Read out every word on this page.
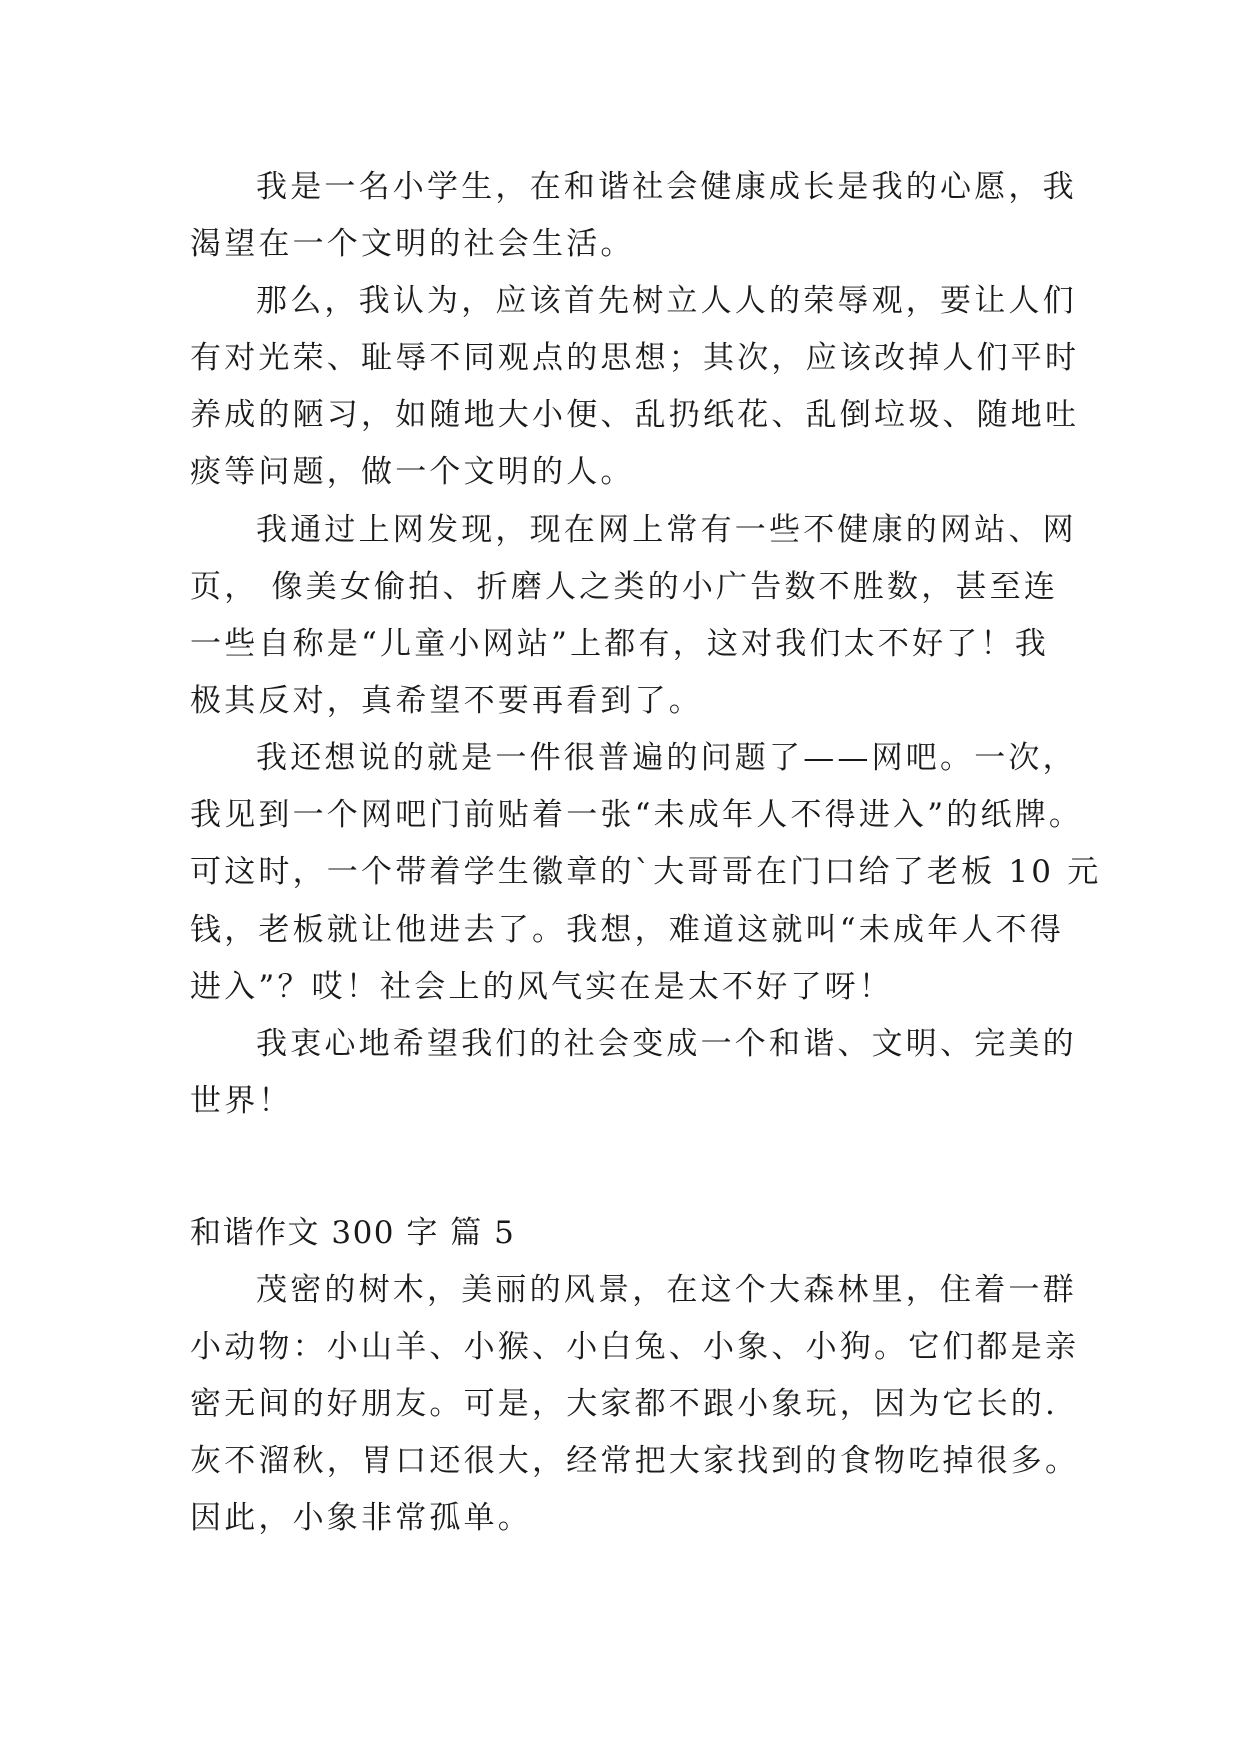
我是一名小学生，在和谐社会健康成长是我的心愿，我

渴望在一个文明的社会生活。

那么，我认为，应该首先树立人人的荣辱观，要让人们

有对光荣、耻辱不同观点的思想；其次，应该改掉人们平时

养成的陋习，如随地大小便、乱扔纸花、乱倒垃圾、随地吐

痰等问题，做一个文明的人。

我通过上网发现，现在网上常有一些不健康的网站、网

页， 像美女偷拍、折磨人之类的小广告数不胜数，甚至连

一些自称是“儿童小网站”上都有，这对我们太不好了！我

极其反对，真希望不要再看到了。

我还想说的就是一件很普遍的问题了——网吧。一次，

我见到一个网吧门前贴着一张“未成年人不得进入”的纸牌。

可这时，一个带着学生徽章的`大哥哥在门口给了老板 10 元

钱，老板就让他进去了。我想，难道这就叫“未成年人不得

进入”？哎！社会上的风气实在是太不好了呀！

我衷心地希望我们的社会变成一个和谐、文明、完美的

世界！

和谐作文 300 字 篇 5

茂密的树木，美丽的风景，在这个大森林里，住着一群

小动物：小山羊、小猴、小白兔、小象、小狗。它们都是亲

密无间的好朋友。可是，大家都不跟小象玩，因为它长的.

灰不溜秋，胃口还很大，经常把大家找到的食物吃掉很多。

因此，小象非常孤单。
